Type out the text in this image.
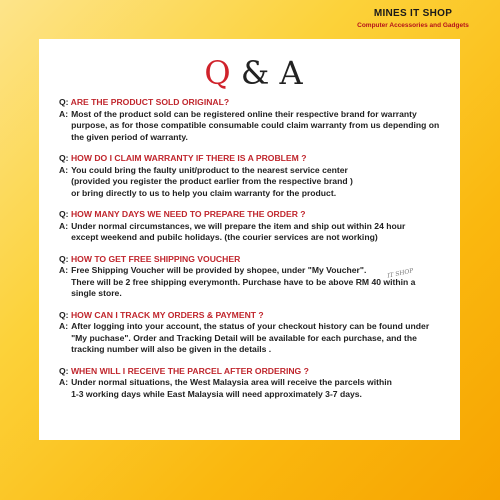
MINES IT SHOP
Computer Accessories and Gadgets
Q & A
Q: ARE THE PRODUCT SOLD ORIGINAL?
A: Most of the product sold can be registered online their respective brand for warranty
purpose, as for those compatible consumable could claim warranty from us depending on
the given period of warranty.
Q: HOW DO I CLAIM WARRANTY IF THERE IS A PROBLEM ?
A: You could bring the faulty unit/product to the nearest service center
(provided you register the product earlier from the respective brand )
or bring directly to us to help you claim warranty for the product.
Q: HOW MANY DAYS WE NEED TO PREPARE THE ORDER ?
A: Under normal circumstances, we will prepare the item and ship out within 24 hour
except weekend and pubilc holidays. (the courier services are not working)
Q: HOW TO GET FREE SHIPPING VOUCHER
A: Free Shipping Voucher will be provided by shopee, under "My Voucher".
There will be 2 free shipping everymonth. Purchase have to be above RM 40 within a
single store.
Q: HOW CAN I TRACK MY ORDERS & PAYMENT ?
A: After logging into your account, the status of your checkout history can be found under
"My puchase". Order and Tracking Detail will be available for each purchase, and the
tracking number will also be given in the details .
Q: WHEN WILL I RECEIVE THE PARCEL AFTER ORDERING ?
A: Under normal situations, the West Malaysia area will receive the parcels within
1-3 working days while East Malaysia will need approximately 3-7 days.
IT SHOP
